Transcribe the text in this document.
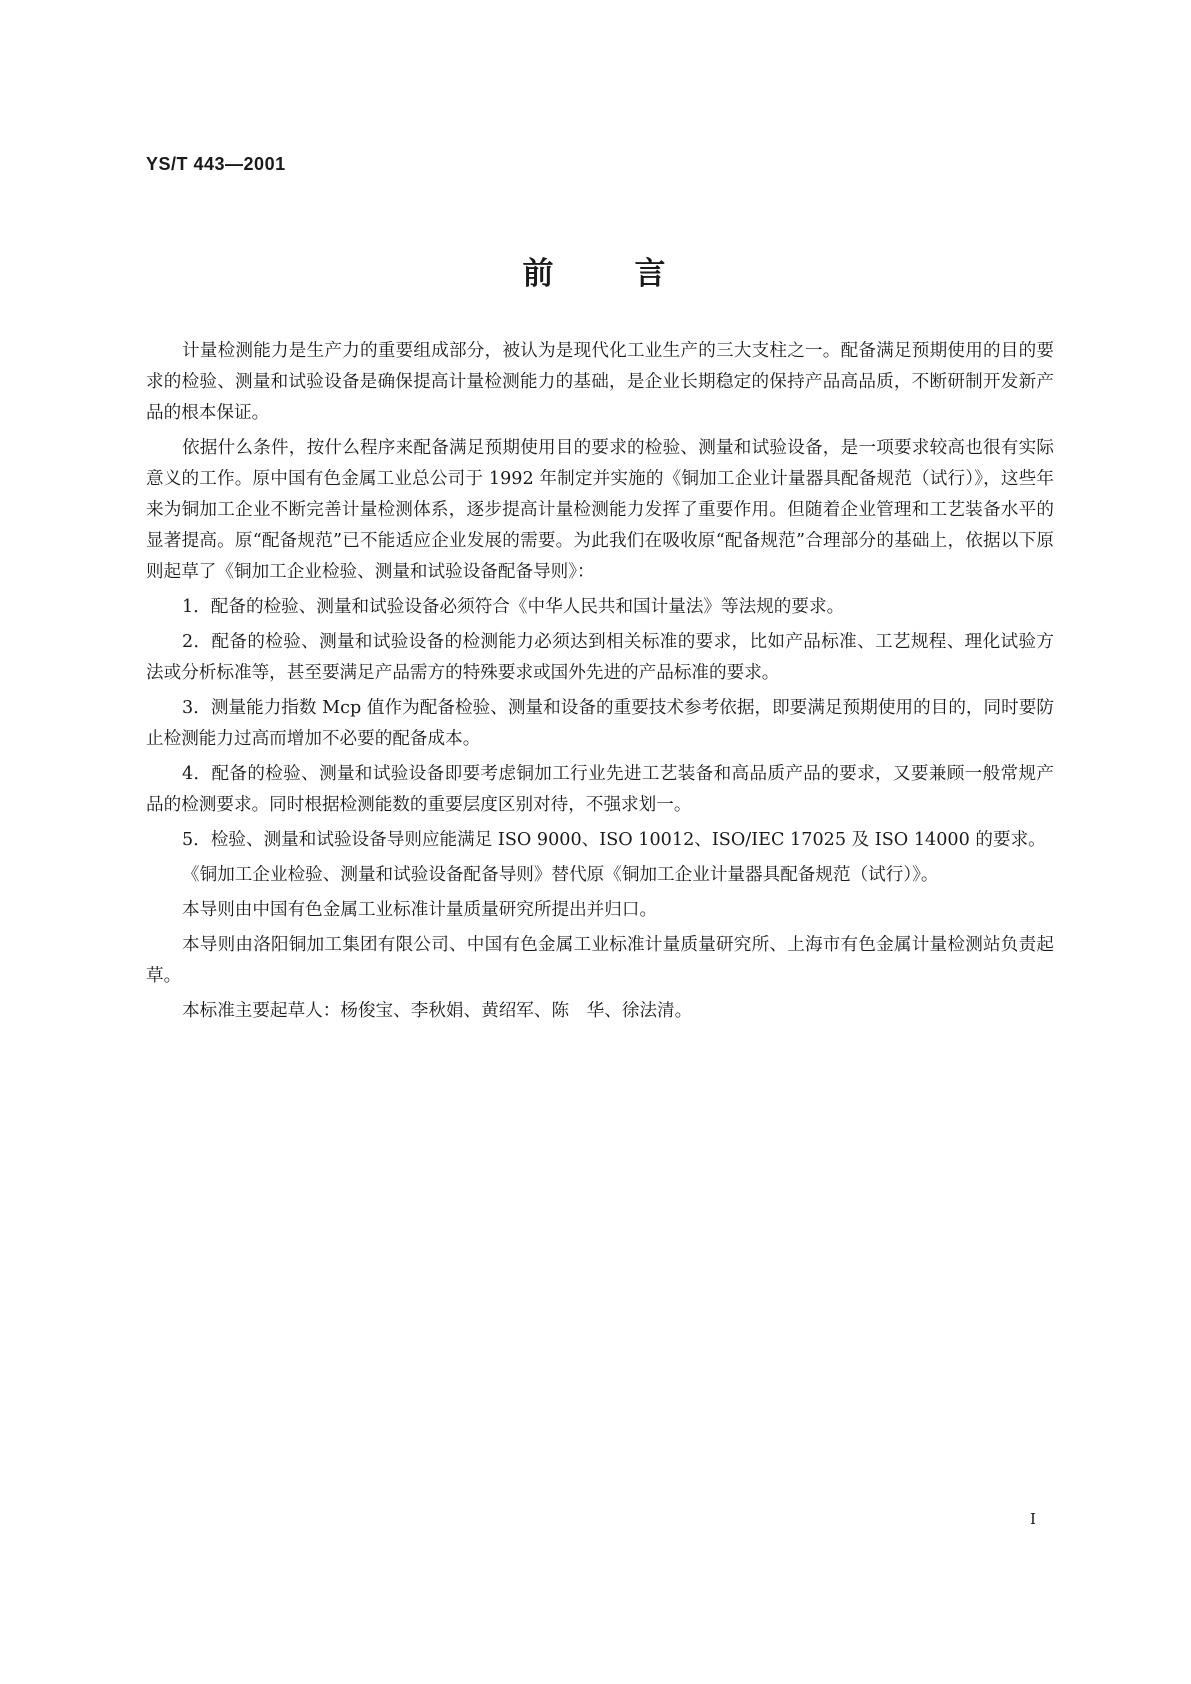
YS/T 443—2001
前	言

计量检测能力是生产力的重要组成部分，被认为是现代化工业生产的三大支柱之一。配备满足预期使用的目的要求的检验、测量和试验设备是确保提高计量检测能力的基础，是企业长期稳定的保持产品高品质，不断研制开发新产品的根本保证。

依据什么条件，按什么程序来配备满足预期使用目的要求的检验、测量和试验设备，是一项要求较高也很有实际意义的工作。原中国有色金属工业总公司于 1992 年制定并实施的《铜加工企业计量器具配备规范（试行）》，这些年来为铜加工企业不断完善计量检测体系，逐步提高计量检测能力发挥了重要作用。但随着企业管理和工艺装备水平的显著提高。原“配备规范”已不能适应企业发展的需要。为此我们在吸收原“配备规范”合理部分的基础上，依据以下原则起草了《铜加工企业检验、测量和试验设备配备导则》：

1．配备的检验、测量和试验设备必须符合《中华人民共和国计量法》等法规的要求。

2．配备的检验、测量和试验设备的检测能力必须达到相关标准的要求，比如产品标准、工艺规程、理化试验方法或分析标准等，甚至要满足产品需方的特殊要求或国外先进的产品标准的要求。

3．测量能力指数 Mcp 值作为配备检验、测量和设备的重要技术参考依据，即要满足预期使用的目的，同时要防止检测能力过高而增加不必要的配备成本。

4．配备的检验、测量和试验设备即要考虑铜加工行业先进工艺装备和高品质产品的要求，又要兼顾一般常规产品的检测要求。同时根据检测能数的重要层度区别对待，不强求划一。

5．检验、测量和试验设备导则应能满足 ISO 9000、ISO 10012、ISO/IEC 17025 及 ISO 14000 的要求。

《铜加工企业检验、测量和试验设备配备导则》替代原《铜加工企业计量器具配备规范（试行）》。

本导则由中国有色金属工业标准计量质量研究所提出并归口。

本导则由洛阳铜加工集团有限公司、中国有色金属工业标准计量质量研究所、上海市有色金属计量检测站负责起草。

本标准主要起草人：杨俊宝、李秋娟、黄绍军、陈　华、徐法清。

I
